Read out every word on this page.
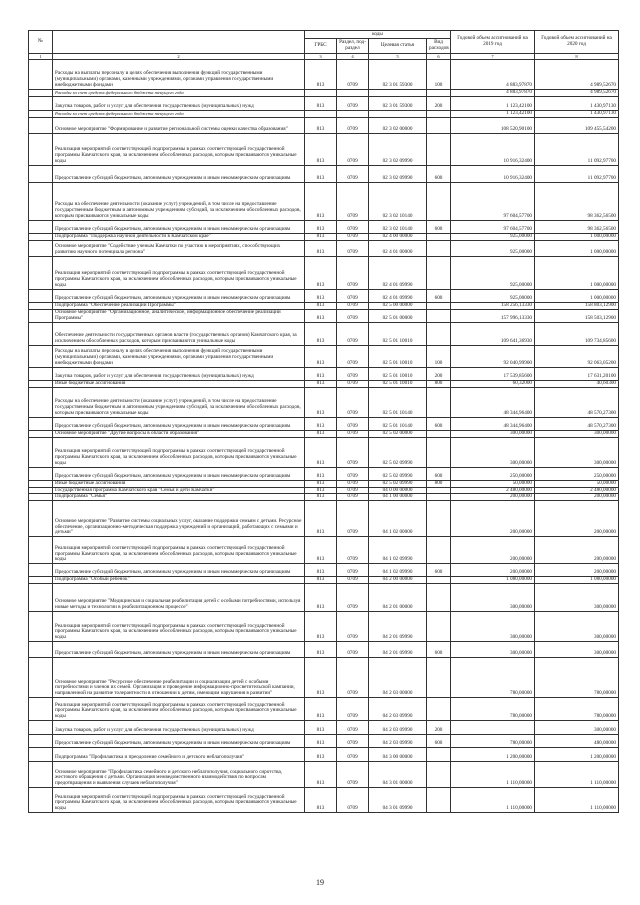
№		коды				Годовой объем ассигнований на 2019 год	Годовой объем ассигнований на 2020 год
		ГРБС	Раздел, под-раздел	Целевая статья	Вид расходов		
1	2	3	4	5	6	7	8
	Расходы на выплаты персоналу в целях обеспечения выполнения функций государственными (муниципальными) органами, казенными учреждениями, органами управления государственными внебюджетными фондами	813	0709	02 3 01 59300	100	4 883,97870	4 989,52670
	Расходы за счет средств федерального бюджета текущего года					4 883,97870	4 989,52670
	Закупка товаров, работ и услуг для обеспечения государственных (муниципальных) нужд	813	0709	02 3 01 59300	200	1 123,42100	1 430,97130
	Расходы за счет средств федерального бюджета текущего года					1 123,42100	1 430,97130
	Основное мероприятие "Формирование и развитие региональной системы оценки качества образования"	813	0709	02 3 02 00000		108 520,90100	109 455,54200
	Реализация мероприятий соответствующей подпрограммы в рамках соответствующей государственной программы Камчатского края, за исключением обособленных расходов, которым присваиваются уникальные коды	813	0709	02 3 02 09990		10 916,32400	11 092,97700
	Предоставление субсидий бюджетным, автономным учреждениям и иным некоммерческим организациям	813	0709	02 3 02 09990	600	10 916,32400	11 092,97700
	Расходы на обеспечение деятельности (оказание услуг) учреждений, в том числе на предоставление государственным бюджетным и автономным учреждениям субсидий, за исключением обособленных расходов, которым присваиваются уникальные коды	813	0709	02 3 02 10140		97 604,57700	98 362,56500
	Предоставление субсидий бюджетным, автономным учреждениям и иным некоммерческим организациям	813	0709	02 3 02 10140	600	97 604,57700	98 362,56500
	Подпрограмма "Поддержка научной деятельности в Камчатском крае"	813	0709	02 4 00 00000		925,00000	1 000,00000
	Основное мероприятие "Содействие ученым Камчатки по участию в мероприятиях, способствующих развитию научного потенциала региона"	813	0709	02 4 01 00000		925,00000	1 000,00000
	Реализация мероприятий соответствующей подпрограммы в рамках соответствующей государственной программы Камчатского края, за исключением обособленных расходов, которым присваиваются уникальные коды	813	0709	02 4 01 09990		925,00000	1 000,00000
	Предоставление субсидий бюджетным, автономным учреждениям и иным некоммерческим организациям	813	0709	02 4 01 09990	600	925,00000	1 000,00000
	Подпрограмма "Обеспечение реализации Программы"	813	0709	02 5 00 00000		158 256,13330	158 803,12900
	Основное мероприятие "Организационное, аналитическое, информационное обеспечение реализации Программы"	813	0709	02 5 01 00000		157 996,13330	158 503,12900
	Обеспечение деятельности государственных органов власти (государственных органов) Камчатского края, за исключением обособленных расходов, которым присваиваются уникальные коды	813	0709	02 5 01 10010		109 641,36930	109 734,85600
	Расходы на выплаты персоналу в целях обеспечения выполнения функций государственными (муниципальными) органами, казенными учреждениями, органами управления государственными внебюджетными фондами	813	0709	02 5 01 10010	100	92 040,99900	92 063,05200
	Закупка товаров, работ и услуг для обеспечения государственных (муниципальных) нужд	813	0709	02 5 01 10010	200	17 539,85600	17 631,20100
	Иные бюджетные ассигнования	813	0709	02 5 01 10010	800	60,32000	40,60300
	Расходы на обеспечение деятельности (оказание услуг) учреждений, в том числе на предоставление государственным бюджетным и автономным учреждениям субсидий, за исключением обособленных расходов, которым присваиваются уникальные коды	813	0709	02 5 01 10140		48 344,96400	48 570,27300
	Предоставление субсидий бюджетным, автономным учреждениям и иным некоммерческим организациям	813	0709	02 5 01 10140	600	48 344,96400	48 570,27300
	Основное мероприятие "Другие вопросы в области образования"	813	0709	02 5 02 00000		300,00000	300,00000
	Реализация мероприятий соответствующей подпрограммы в рамках соответствующей государственной программы Камчатского края, за исключением обособленных расходов, которым присваиваются уникальные коды	813	0709	02 5 02 09990		300,00000	300,00000
	Предоставление субсидий бюджетным, автономным учреждениям и иным некоммерческим организациям	813	0709	02 5 02 09990	600	250,00000	250,00000
	Иные бюджетные ассигнования	813	0709	02 5 02 09990	800	50,00000	50,00000
	Государственная программа Камчатского края "Семья и дети Камчатки"	813	0709	04 0 00 00000		2 480,00000	2 480,00000
	Подпрограмма "Семья"	813	0709	04 1 00 00000		200,00000	200,00000
	Основное мероприятие "Развитие системы социальных услуг, оказание поддержки семьям с детьми. Ресурсное обеспечение, организационно-методическая поддержка учреждений и организаций, работающих с семьями и детьми"	813	0709	04 1 02 00000		200,00000	200,00000
	Реализация мероприятий соответствующей подпрограммы в рамках соответствующей государственной программы Камчатского края, за исключением обособленных расходов, которым присваиваются уникальные коды	813	0709	04 1 02 09990		200,00000	200,00000
	Предоставление субсидий бюджетным, автономным учреждениям и иным некоммерческим организациям	813	0709	04 1 02 09990	600	200,00000	200,00000
	Подпрограмма "Особый ребенок"	813	0709	04 2 00 00000		1 080,00000	1 080,00000
	Основное мероприятие "Медицинская и социальная реабилитация детей с особыми потребностями, используя новые методы и технологии в реабилитационном процессе"	813	0709	04 2 01 00000		300,00000	300,00000
	Реализация мероприятий соответствующей подпрограммы в рамках соответствующей государственной программы Камчатского края, за исключением обособленных расходов, которым присваиваются уникальные коды	813	0709	04 2 01 09990		300,00000	300,00000
	Предоставление субсидий бюджетным, автономным учреждениям и иным некоммерческим организациям	813	0709	04 2 01 09990	600	300,00000	300,00000
	Основное мероприятие "Ресурсное обеспечение реабилитации и социализации детей с особыми потребностями и членов их семей. Организация и проведение информационно-просветительской кампании, направленной на развитие толерантности в отношении к детям, имеющим нарушения в развитии"	813	0709	04 2 03 00000		780,00000	780,00000
	Реализация мероприятий соответствующей подпрограммы в рамках соответствующей государственной программы Камчатского края, за исключением обособленных расходов, которым присваиваются уникальные коды	813	0709	04 2 03 09990		780,00000	780,00000
	Закупка товаров, работ и услуг для обеспечения государственных (муниципальных) нужд	813	0709	04 2 03 09990	200		300,00000
	Предоставление субсидий бюджетным, автономным учреждениям и иным некоммерческим организациям	813	0709	04 2 03 09990	600	780,00000	480,00000
	Подпрограмма "Профилактика и преодоление семейного и детского неблагополучия"	813	0709	04 3 00 00000		1 200,00000	1 200,00000
	Основное мероприятие "Профилактика семейного и детского неблагополучия, социального сиротства, жестокого обращения с детьми. Организация межведомственного взаимодействия по вопросам предотвращения и выявления случаев неблагополучия"	813	0709	04 3 01 00000		1 110,00000	1 110,00000
	Реализация мероприятий соответствующей подпрограммы в рамках соответствующей государственной программы Камчатского края, за исключением обособленных расходов, которым присваиваются уникальные коды	813	0709	04 3 01 09990		1 110,00000	1 110,00000
19
